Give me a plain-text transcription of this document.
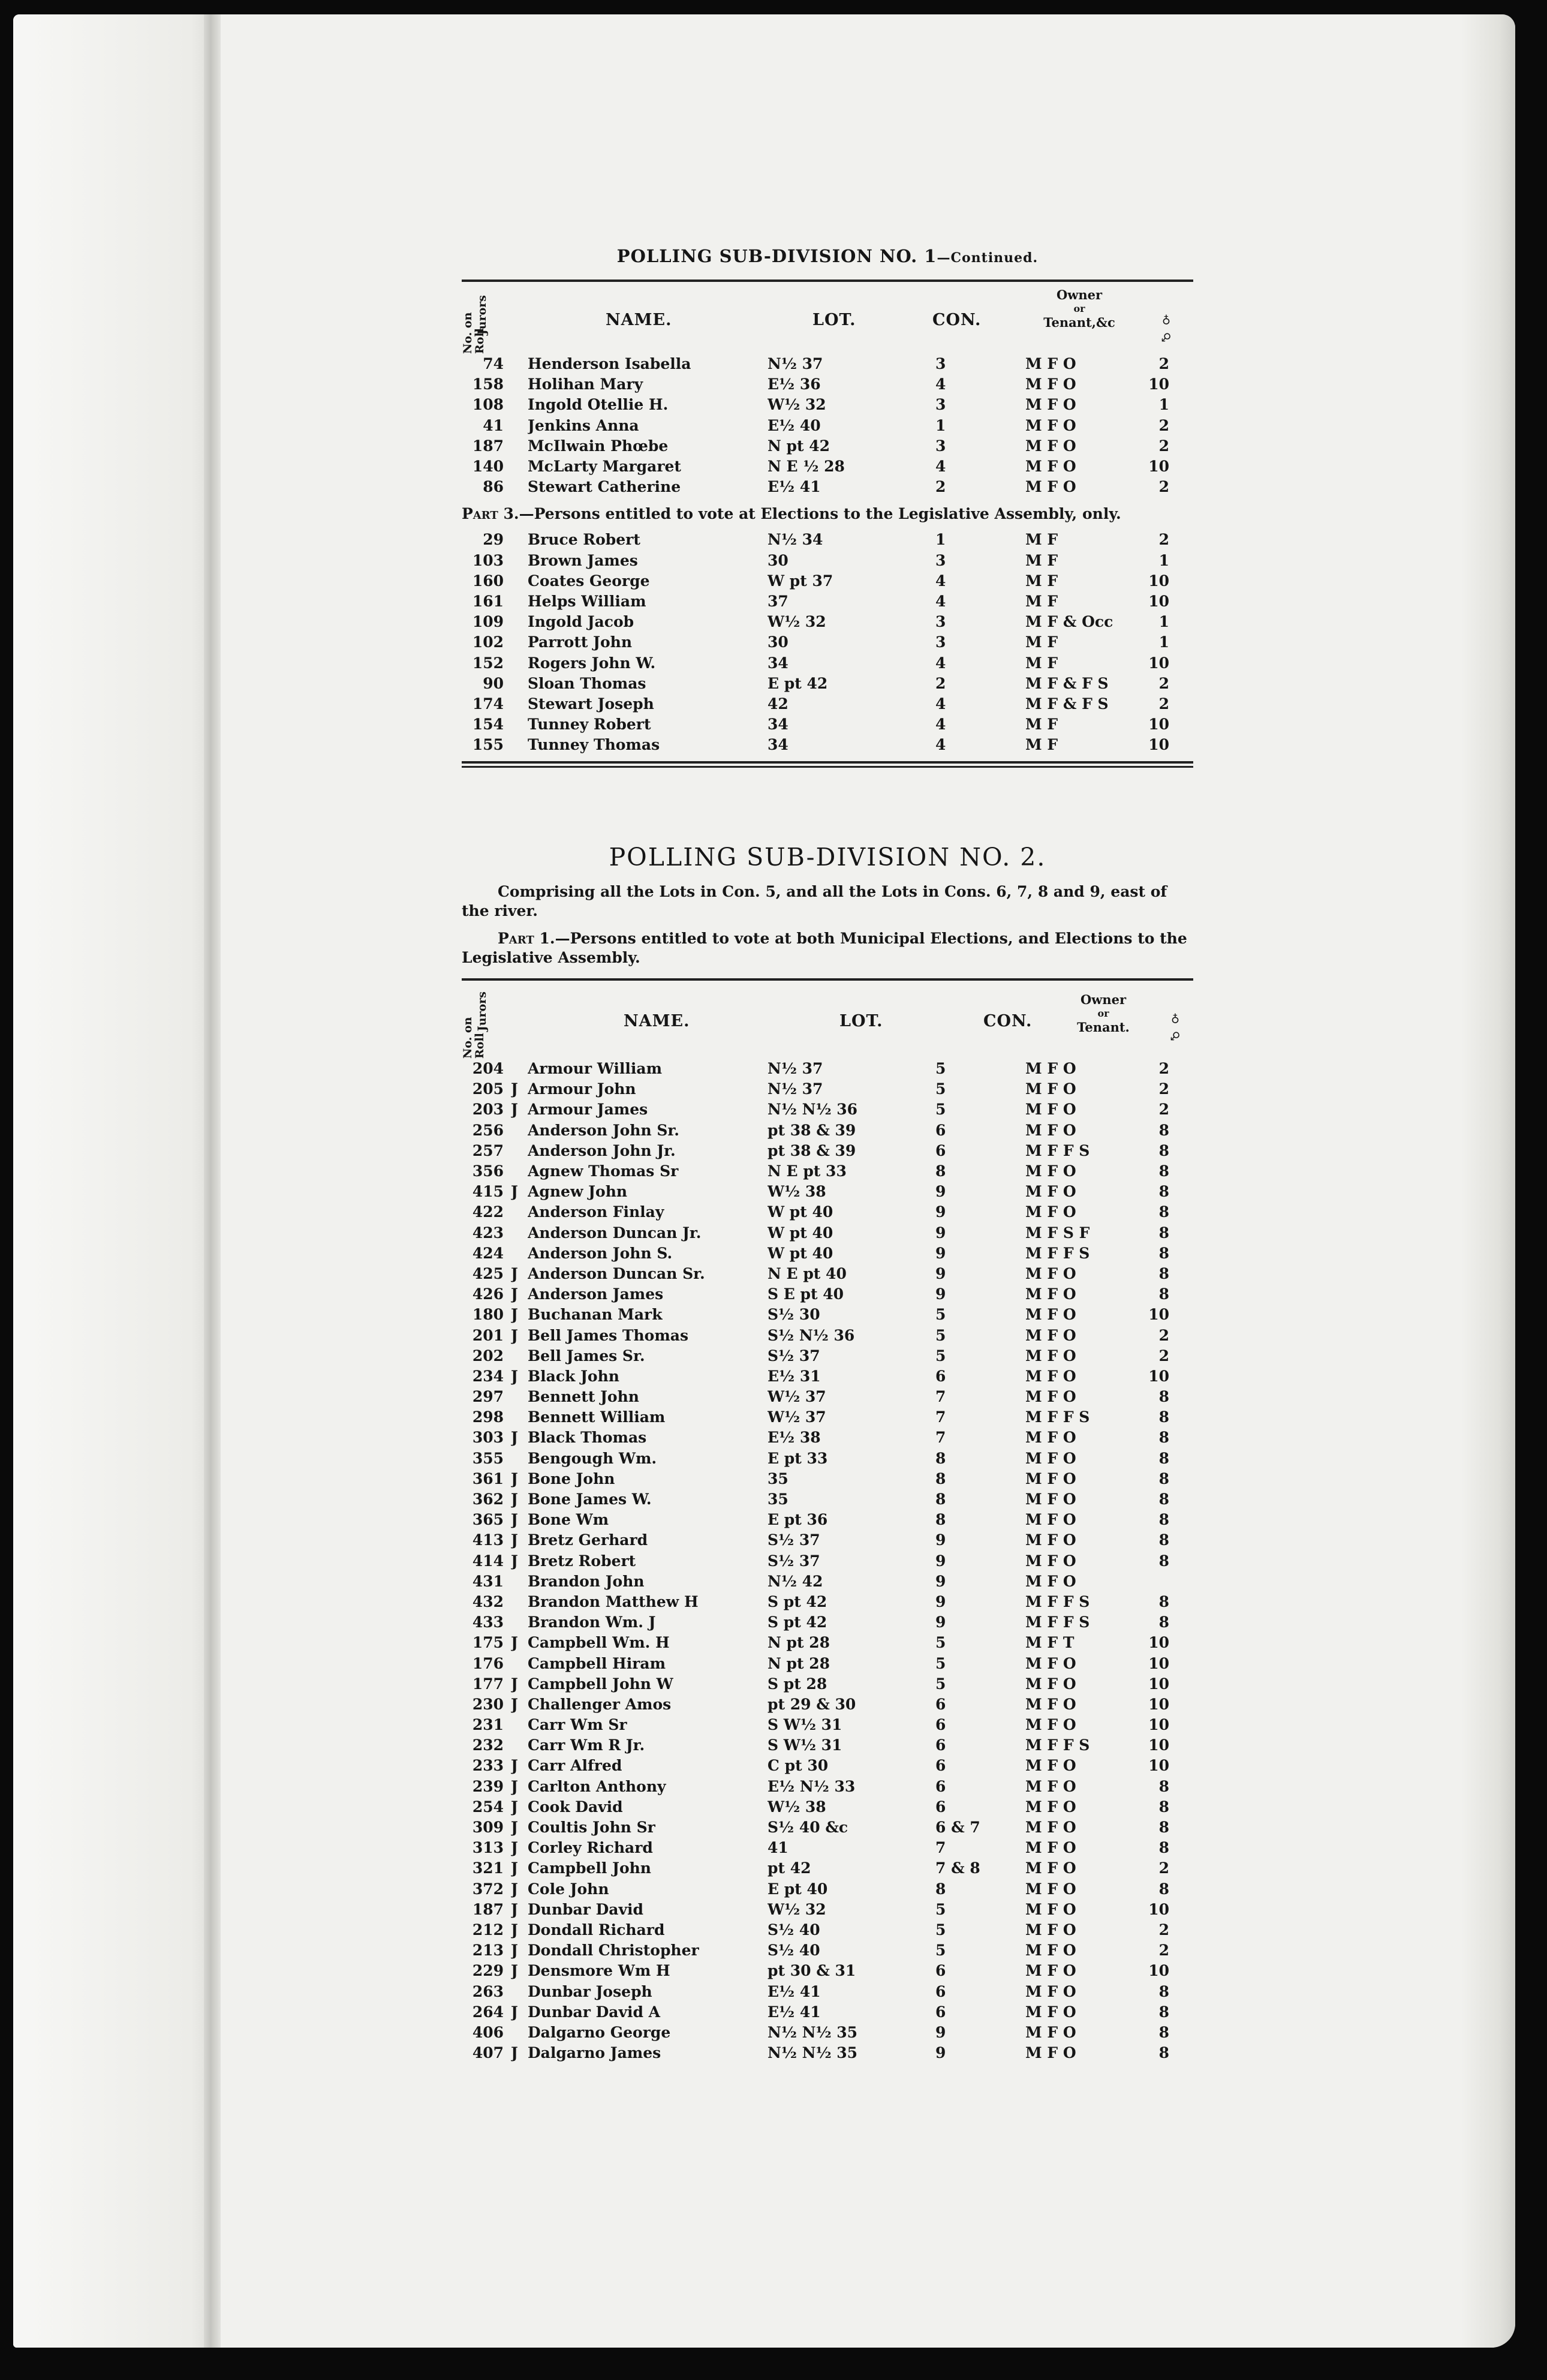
POLLING SUB-DIVISION NO. 1—Continued.
No. on Roll
Jurors	NAME.	LOT.	CON.
Owner
or
Tenant,&c	♂ ♀
74		Henderson Isabella	N½ 37	3	M F O	2
158		Holihan Mary	E½ 36	4	M F O	10
108		Ingold Otellie H.	W½ 32	3	M F O	1
41		Jenkins Anna	E½ 40	1	M F O	2
187		McIlwain Phœbe	N pt 42	3	M F O	2
140		McLarty Margaret	N E ½ 28	4	M F O	10
86		Stewart Catherine	E½ 41	2	M F O	2
Part 3.—Persons entitled to vote at Elections to the Legislative Assembly, only.
29		Bruce Robert	N½ 34	1	M F	2
103		Brown James	30	3	M F	1
160		Coates George	W pt 37	4	M F	10
161		Helps William	37	4	M F	10
109		Ingold Jacob	W½ 32	3	M F & Occ	1
102		Parrott John	30	3	M F	1
152		Rogers John W.	34	4	M F	10
90		Sloan Thomas	E pt 42	2	M F & F S	2
174		Stewart Joseph	42	4	M F & F S	2
154		Tunney Robert	34	4	M F	10
155		Tunney Thomas	34	4	M F	10
POLLING SUB-DIVISION NO. 2.
Comprising all the Lots in Con. 5, and all the Lots in Cons. 6, 7, 8 and 9, east of the river.
Part 1.—Persons entitled to vote at both Municipal Elections, and Elections to the Legislative Assembly.
No. on Roll
Jurors	NAME.	LOT.	CON.
Owner
or
Tenant.	♂ ♀
204		Armour William	N½ 37	5	M F O	2
205	J	Armour John	N½ 37	5	M F O	2
203	J	Armour James	N½ N½ 36	5	M F O	2
256		Anderson John Sr.	pt 38 & 39	6	M F O	8
257		Anderson John Jr.	pt 38 & 39	6	M F F S	8
356		Agnew Thomas Sr	N E pt 33	8	M F O	8
415	J	Agnew John	W½ 38	9	M F O	8
422		Anderson Finlay	W pt 40	9	M F O	8
423		Anderson Duncan Jr.	W pt 40	9	M F S F	8
424		Anderson John S.	W pt 40	9	M F F S	8
425	J	Anderson Duncan Sr.	N E pt 40	9	M F O	8
426	J	Anderson James	S E pt 40	9	M F O	8
180	J	Buchanan Mark	S½ 30	5	M F O	10
201	J	Bell James Thomas	S½ N½ 36	5	M F O	2
202		Bell James Sr.	S½ 37	5	M F O	2
234	J	Black John	E½ 31	6	M F O	10
297		Bennett John	W½ 37	7	M F O	8
298		Bennett William	W½ 37	7	M F F S	8
303	J	Black Thomas	E½ 38	7	M F O	8
355		Bengough Wm.	E pt 33	8	M F O	8
361	J	Bone John	35	8	M F O	8
362	J	Bone James W.	35	8	M F O	8
365	J	Bone Wm	E pt 36	8	M F O	8
413	J	Bretz Gerhard	S½ 37	9	M F O	8
414	J	Bretz Robert	S½ 37	9	M F O	8
431		Brandon John	N½ 42	9	M F O	
432		Brandon Matthew H	S pt 42	9	M F F S	8
433		Brandon Wm. J	S pt 42	9	M F F S	8
175	J	Campbell Wm. H	N pt 28	5	M F T	10
176		Campbell Hiram	N pt 28	5	M F O	10
177	J	Campbell John W	S pt 28	5	M F O	10
230	J	Challenger Amos	pt 29 & 30	6	M F O	10
231		Carr Wm Sr	S W½ 31	6	M F O	10
232		Carr Wm R Jr.	S W½ 31	6	M F F S	10
233	J	Carr Alfred	C pt 30	6	M F O	10
239	J	Carlton Anthony	E½ N½ 33	6	M F O	8
254	J	Cook David	W½ 38	6	M F O	8
309	J	Coultis John Sr	S½ 40 &c	6 & 7	M F O	8
313	J	Corley Richard	41	7	M F O	8
321	J	Campbell John	pt 42	7 & 8	M F O	2
372	J	Cole John	E pt 40	8	M F O	8
187	J	Dunbar David	W½ 32	5	M F O	10
212	J	Dondall Richard	S½ 40	5	M F O	2
213	J	Dondall Christopher	S½ 40	5	M F O	2
229	J	Densmore Wm H	pt 30 & 31	6	M F O	10
263		Dunbar Joseph	E½ 41	6	M F O	8
264	J	Dunbar David A	E½ 41	6	M F O	8
406		Dalgarno George	N½ N½ 35	9	M F O	8
407	J	Dalgarno James	N½ N½ 35	9	M F O	8
